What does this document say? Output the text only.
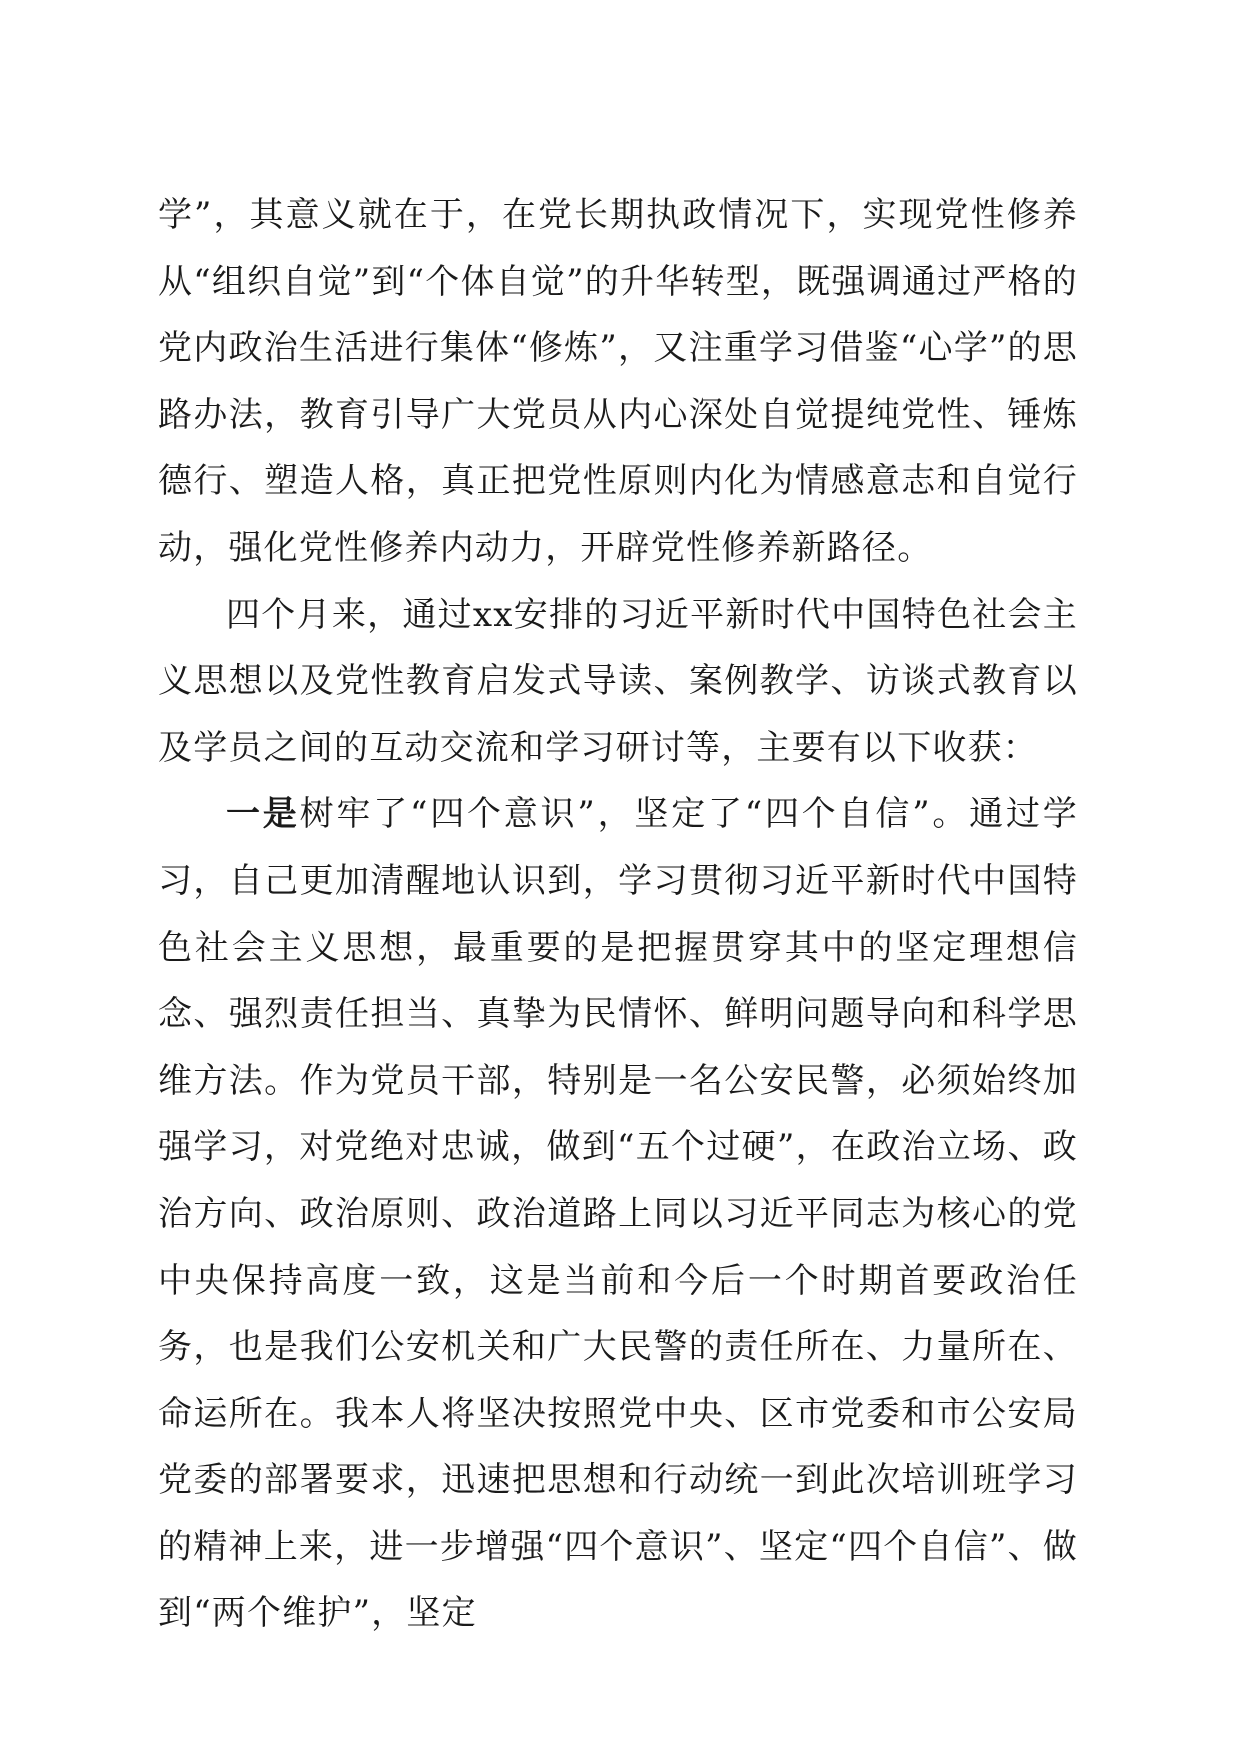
学”，其意义就在于，在党长期执政情况下，实现党性修养从“组织自觉”到“个体自觉”的升华转型，既强调通过严格的党内政治生活进行集体“修炼”，又注重学习借鉴“心学”的思路办法，教育引导广大党员从内心深处自觉提纯党性、锤炼德行、塑造人格，真正把党性原则内化为情感意志和自觉行动，强化党性修养内动力，开辟党性修养新路径。

四个月来，通过xx安排的习近平新时代中国特色社会主义思想以及党性教育启发式导读、案例教学、访谈式教育以及学员之间的互动交流和学习研讨等，主要有以下收获：

一是树牢了“四个意识”，坚定了“四个自信”。通过学习，自己更加清醒地认识到，学习贯彻习近平新时代中国特色社会主义思想，最重要的是把握贯穿其中的坚定理想信念、强烈责任担当、真挚为民情怀、鲜明问题导向和科学思维方法。作为党员干部，特别是一名公安民警，必须始终加强学习，对党绝对忠诚，做到“五个过硬”，在政治立场、政治方向、政治原则、政治道路上同以习近平同志为核心的党中央保持高度一致，这是当前和今后一个时期首要政治任务，也是我们公安机关和广大民警的责任所在、力量所在、命运所在。我本人将坚决按照党中央、区市党委和市公安局党委的部署要求，迅速把思想和行动统一到此次培训班学习的精神上来，进一步增强“四个意识”、坚定“四个自信”、做到“两个维护”，坚定
